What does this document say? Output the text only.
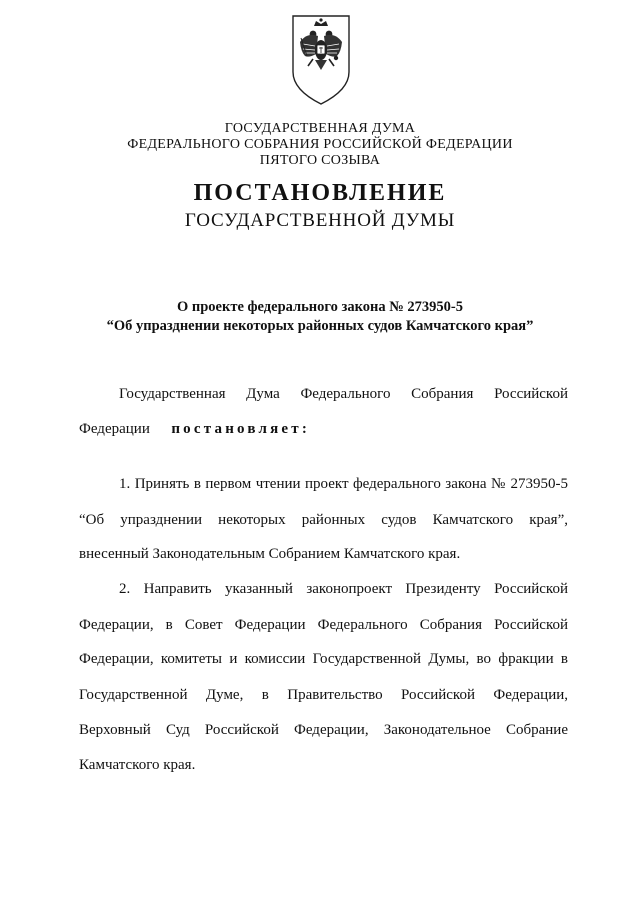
ГОСУДАРСТВЕННАЯ ДУМА
ФЕДЕРАЛЬНОГО СОБРАНИЯ РОССИЙСКОЙ ФЕДЕРАЦИИ
ПЯТОГО СОЗЫВА
ПОСТАНОВЛЕНИЕ
ГОСУДАРСТВЕННОЙ ДУМЫ
О проекте федерального закона № 273950-5
“Об упразднении некоторых районных судов Камчатского края”
Государственная Дума Федерального Собрания Российской
Федерации постановляет:
1. Принять в первом чтении проект федерального закона № 273950-5
“Об упразднении некоторых районных судов Камчатского края”,
внесенный Законодательным Собранием Камчатского края.
2. Направить указанный законопроект Президенту Российской
Федерации, в Совет Федерации Федерального Собрания Российской
Федерации, комитеты и комиссии Государственной Думы, во фракции в
Государственной Думе, в Правительство Российской Федерации,
Верховный Суд Российской Федерации, Законодательное Собрание
Камчатского края.
